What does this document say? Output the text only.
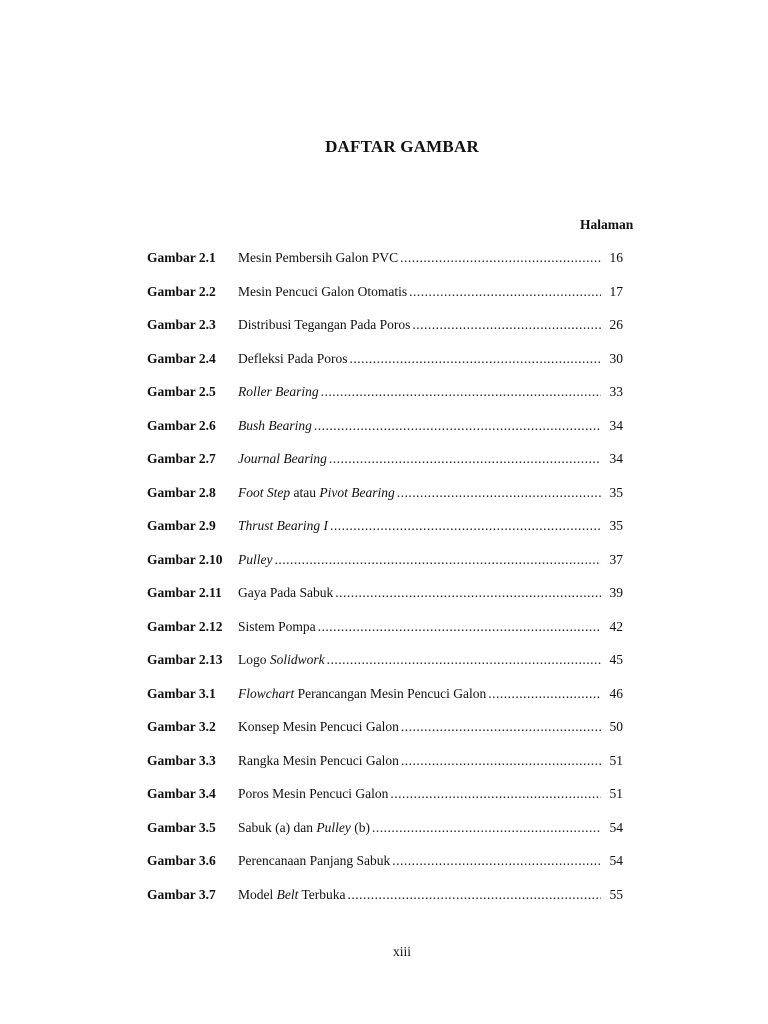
DAFTAR GAMBAR
Halaman
Gambar 2.1	Mesin Pembersih Galon PVC .....	16
Gambar 2.2	Mesin Pencuci Galon Otomatis .....	17
Gambar 2.3	Distribusi Tegangan Pada Poros .....	26
Gambar 2.4	Defleksi Pada Poros .....	30
Gambar 2.5	Roller Bearing .....	33
Gambar 2.6	Bush Bearing .....	34
Gambar 2.7	Journal Bearing .....	34
Gambar 2.8	Foot Step atau Pivot Bearing .....	35
Gambar 2.9	Thrust Bearing I .....	35
Gambar 2.10	Pulley .....	37
Gambar 2.11	Gaya Pada Sabuk .....	39
Gambar 2.12	Sistem Pompa .....	42
Gambar 2.13	Logo Solidwork .....	45
Gambar 3.1	Flowchart Perancangan Mesin Pencuci Galon .....	46
Gambar 3.2	Konsep Mesin Pencuci Galon .....	50
Gambar 3.3	Rangka Mesin Pencuci Galon .....	51
Gambar 3.4	Poros Mesin Pencuci Galon .....	51
Gambar 3.5	Sabuk (a) dan Pulley (b) .....	54
Gambar 3.6	Perencanaan Panjang Sabuk .....	54
Gambar 3.7	Model Belt Terbuka .....	55
xiii
